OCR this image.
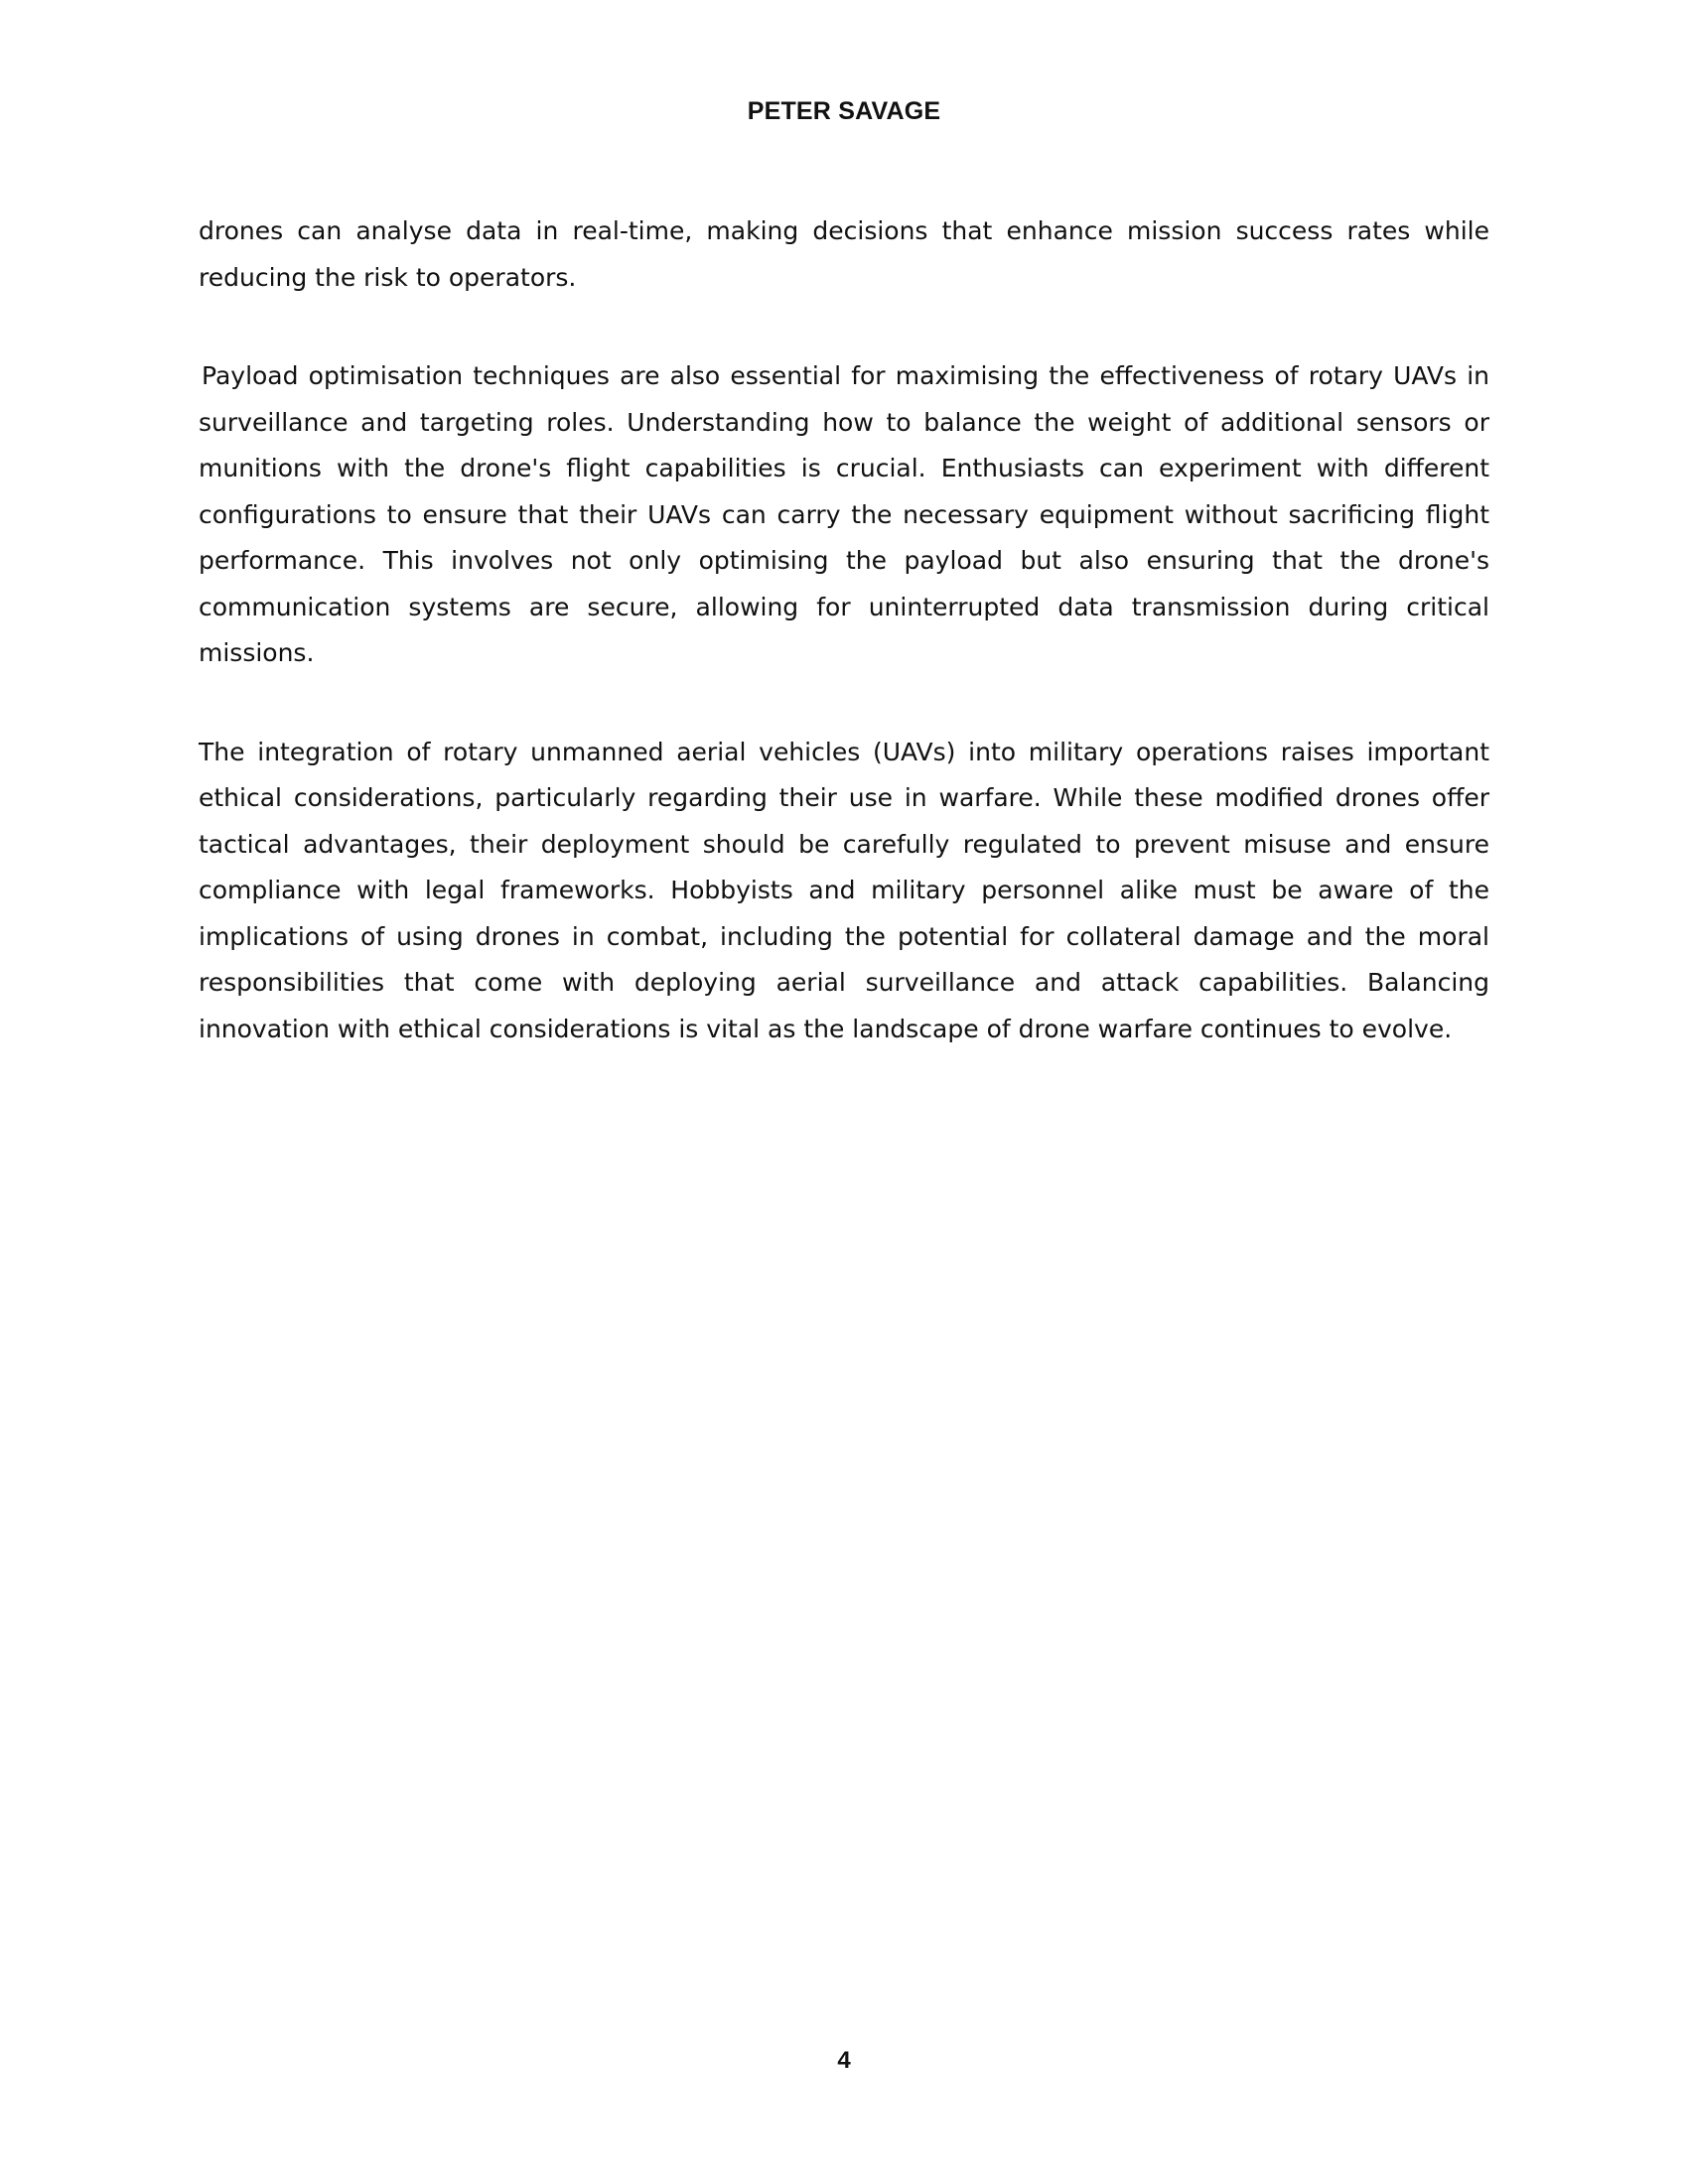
PETER SAVAGE

drones can analyse data in real-time, making decisions that enhance mission success rates while reducing the risk to operators.

Payload optimisation techniques are also essential for maximising the effectiveness of rotary UAVs in surveillance and targeting roles. Understanding how to balance the weight of additional sensors or munitions with the drone's flight capabilities is crucial. Enthusiasts can experiment with different configurations to ensure that their UAVs can carry the necessary equipment without sacrificing flight performance. This involves not only optimising the payload but also ensuring that the drone's communication systems are secure, allowing for uninterrupted data transmission during critical missions.

The integration of rotary unmanned aerial vehicles (UAVs) into military operations raises important ethical considerations, particularly regarding their use in warfare. While these modified drones offer tactical advantages, their deployment should be carefully regulated to prevent misuse and ensure compliance with legal frameworks. Hobbyists and military personnel alike must be aware of the implications of using drones in combat, including the potential for collateral damage and the moral responsibilities that come with deploying aerial surveillance and attack capabilities. Balancing innovation with ethical considerations is vital as the landscape of drone warfare continues to evolve.

4
